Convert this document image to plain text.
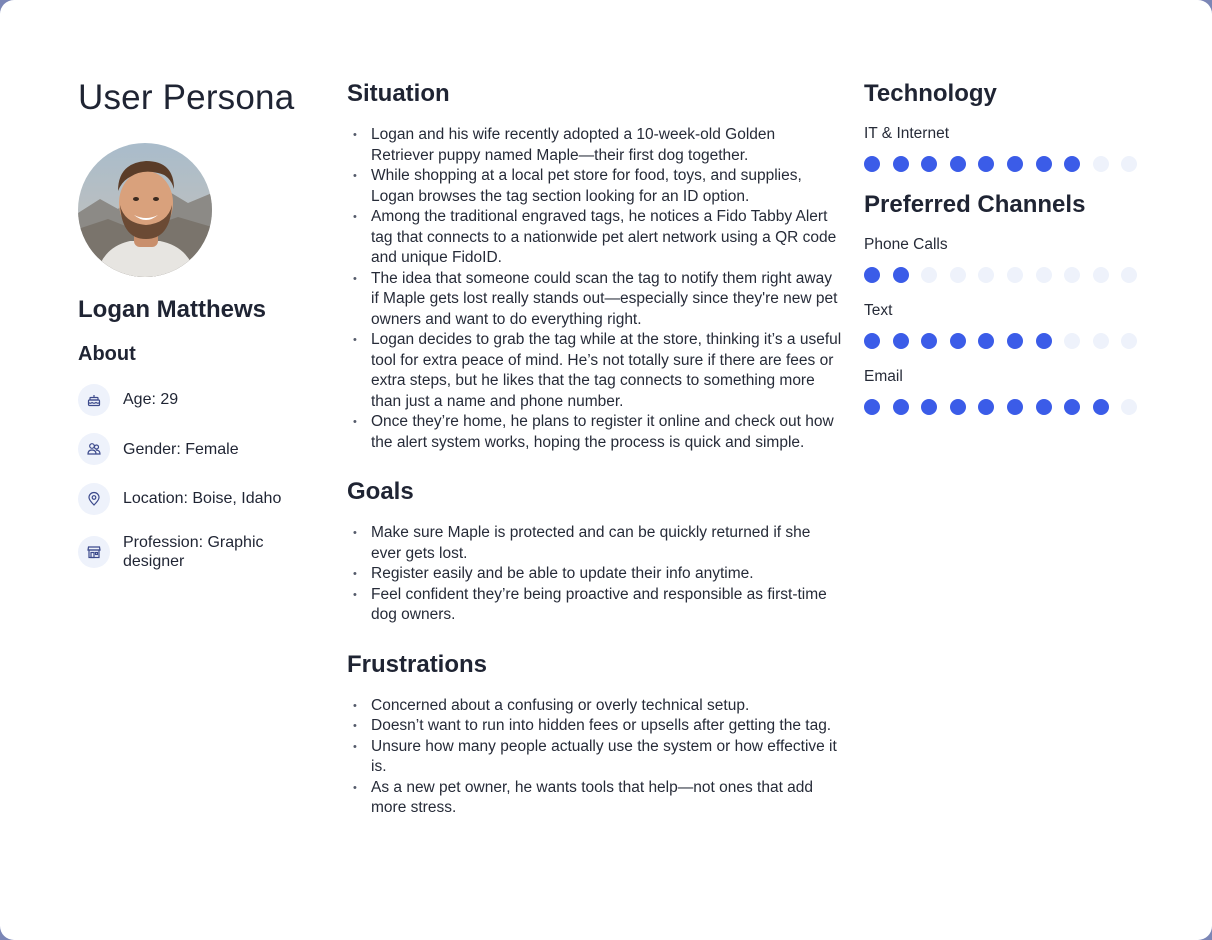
User Persona
Logan Matthews
About
Age: 29
Gender: Female
Location: Boise, Idaho
Profession: Graphic designer
Situation
• Logan and his wife recently adopted a 10-week-old Golden Retriever puppy named Maple—their first dog together.
• While shopping at a local pet store for food, toys, and supplies, Logan browses the tag section looking for an ID option.
• Among the traditional engraved tags, he notices a Fido Tabby Alert tag that connects to a nationwide pet alert network using a QR code and unique FidoID.
• The idea that someone could scan the tag to notify them right away if Maple gets lost really stands out—especially since they're new pet owners and want to do everything right.
• Logan decides to grab the tag while at the store, thinking it’s a useful tool for extra peace of mind. He’s not totally sure if there are fees or extra steps, but he likes that the tag connects to something more than just a name and phone number.
• Once they’re home, he plans to register it online and check out how the alert system works, hoping the process is quick and simple.
Goals
• Make sure Maple is protected and can be quickly returned if she ever gets lost.
• Register easily and be able to update their info anytime.
• Feel confident they’re being proactive and responsible as first-time dog owners.
Frustrations
• Concerned about a confusing or overly technical setup.
• Doesn’t want to run into hidden fees or upsells after getting the tag.
• Unsure how many people actually use the system or how effective it is.
• As a new pet owner, he wants tools that help—not ones that add more stress.
Technology
IT & Internet
Preferred Channels
Phone Calls
Text
Email
